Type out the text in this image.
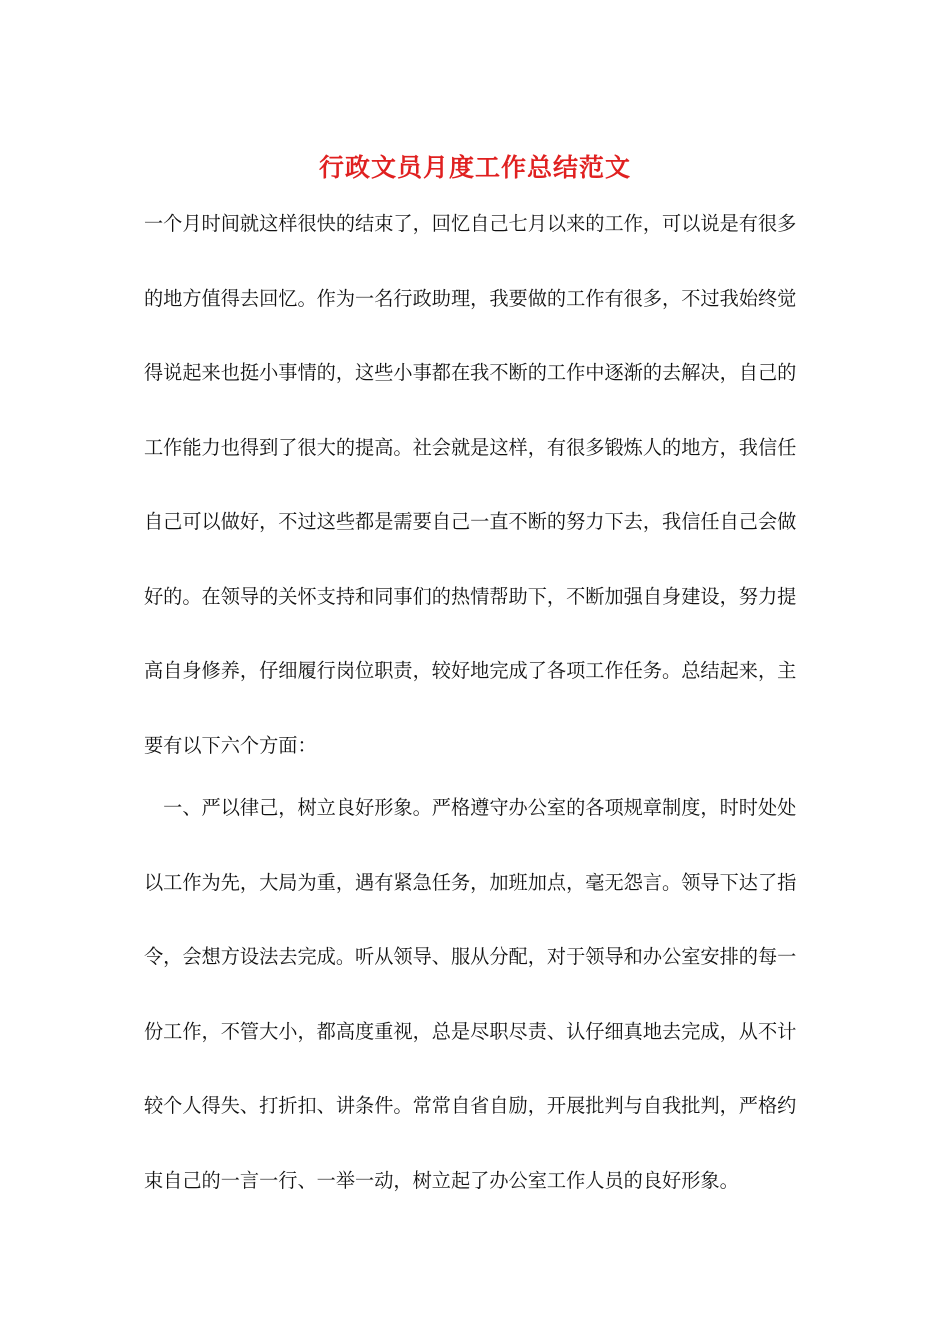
行政文员月度工作总结范文
一个月时间就这样很快的结束了，回忆自己七月以来的工作，可以说是有很多
的地方值得去回忆。作为一名行政助理，我要做的工作有很多，不过我始终觉
得说起来也挺小事情的，这些小事都在我不断的工作中逐渐的去解决，自己的
工作能力也得到了很大的提高。社会就是这样，有很多锻炼人的地方，我信任
自己可以做好，不过这些都是需要自己一直不断的努力下去，我信任自己会做
好的。在领导的关怀支持和同事们的热情帮助下，不断加强自身建设，努力提
高自身修养，仔细履行岗位职责，较好地完成了各项工作任务。总结起来，主
要有以下六个方面：
　一、严以律己，树立良好形象。严格遵守办公室的各项规章制度，时时处处
以工作为先，大局为重，遇有紧急任务，加班加点，毫无怨言。领导下达了指
令，会想方设法去完成。听从领导、服从分配，对于领导和办公室安排的每一
份工作，不管大小，都高度重视，总是尽职尽责、认仔细真地去完成，从不计
较个人得失、打折扣、讲条件。常常自省自励，开展批判与自我批判，严格约
束自己的一言一行、一举一动，树立起了办公室工作人员的良好形象。
